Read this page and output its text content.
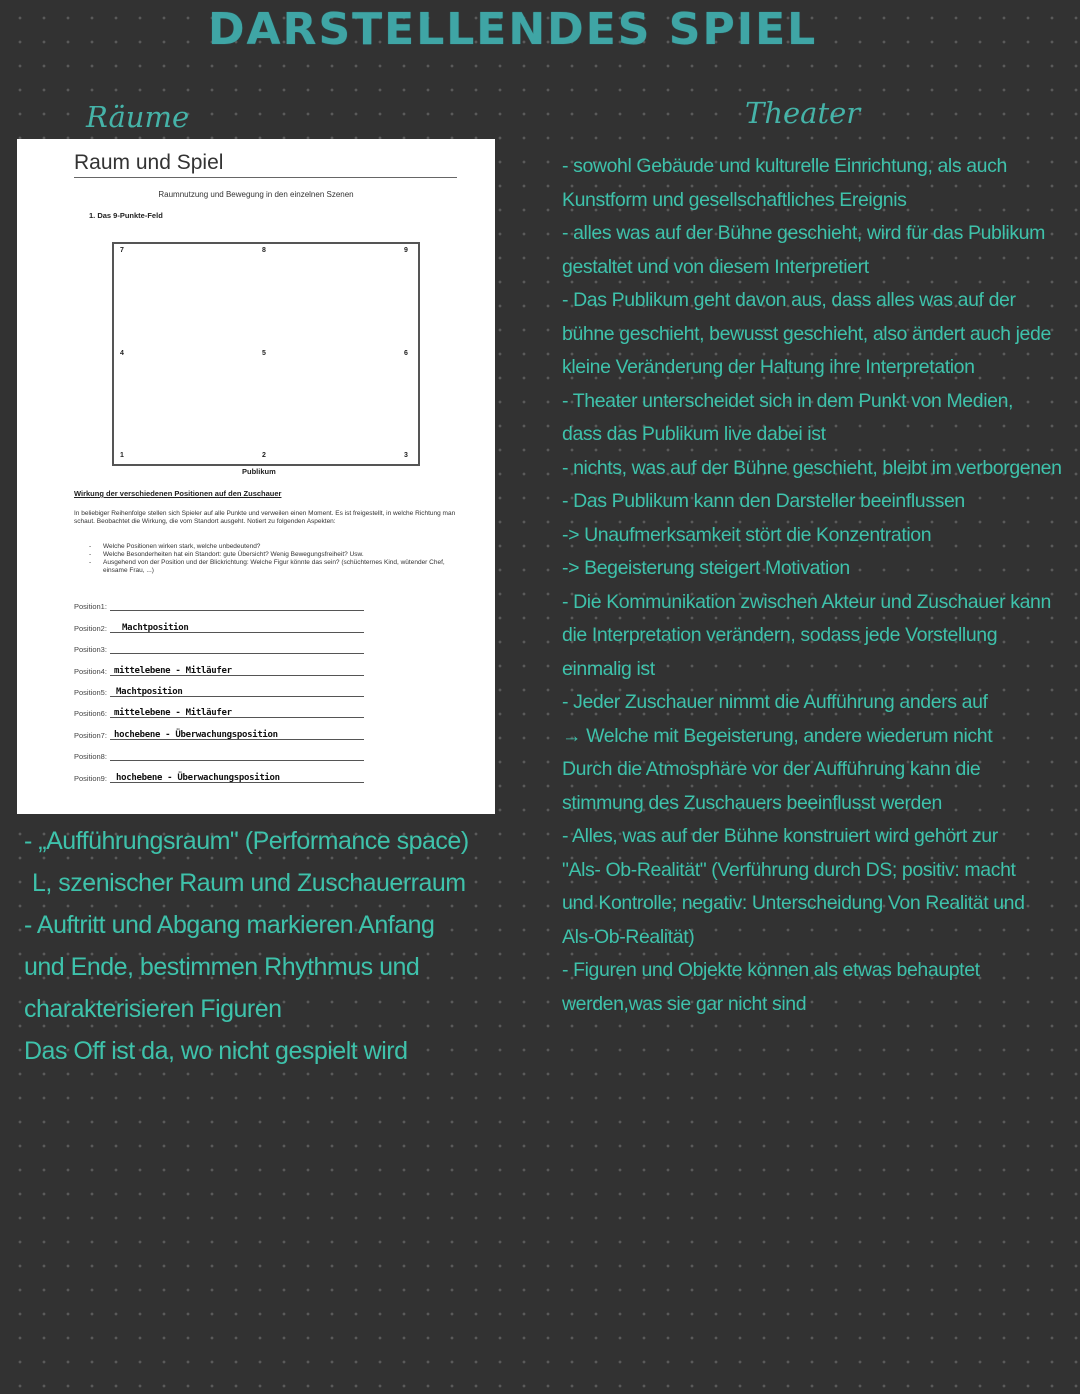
DARSTELLENDES SPIEL
Räume	Theater
Raum und Spiel
Raumnutzung und Bewegung in den einzelnen Szenen
1. Das 9-Punkte-Feld
7	8	9
4	5	6
1	2	3
Publikum
Wirkung der verschiedenen Positionen auf den Zuschauer
In beliebiger Reihenfolge stellen sich Spieler auf alle Punkte und verweilen einen Moment. Es ist freigestellt, in welche Richtung man schaut. Beobachtet die Wirkung, die vom Standort ausgeht. Notiert zu folgenden Aspekten:
- Welche Positionen wirken stark, welche unbedeutend?
- Welche Besonderheiten hat ein Standort: gute Übersicht? Wenig Bewegungsfreiheit? Usw.
- Ausgehend von der Position und der Blickrichtung: Welche Figur könnte das sein? (schüchternes Kind, wütender Chef, einsame Frau, ...)
Position1:
Position2: Machtposition
Position3:
Position4: mittelebene - Mitläufer
Position5: Machtposition
Position6: mittelebene - Mitläufer
Position7: hochebene - Überwachungsposition
Position8:
Position9: hochebene - Überwachungsposition
- „Aufführungsraum" (Performance space)
L, szenischer Raum und Zuschauerraum
- Auftritt und Abgang markieren Anfang
und Ende, bestimmen Rhythmus und
charakterisieren Figuren
Das Off ist da, wo nicht gespielt wird
- sowohl Gebäude und kulturelle Einrichtung, als auch
Kunstform und gesellschaftliches Ereignis
- alles was auf der Bühne geschieht, wird für das Publikum
gestaltet und von diesem Interpretiert
- Das Publikum geht davon aus, dass alles was auf der
bühne geschieht, bewusst geschieht, also ändert auch jede
kleine Veränderung der Haltung ihre Interpretation
- Theater unterscheidet sich in dem Punkt von Medien,
dass das Publikum live dabei ist
- nichts, was auf der Bühne geschieht, bleibt im verborgenen
- Das Publikum kann den Darsteller beeinflussen
-> Unaufmerksamkeit stört die Konzentration
-> Begeisterung steigert Motivation
- Die Kommunikation zwischen Akteur und Zuschauer kann
die Interpretation verändern, sodass jede Vorstellung
einmalig ist
- Jeder Zuschauer nimmt die Aufführung anders auf
→ Welche mit Begeisterung, andere wiederum nicht
Durch die Atmosphäre vor der Aufführung kann die
stimmung des Zuschauers beeinflusst werden
- Alles, was auf der Bühne konstruiert wird gehört zur
"Als- Ob-Realität" (Verführung durch DS; positiv: macht
und Kontrolle; negativ: Unterscheidung Von Realität und
Als-Ob-Realität)
- Figuren und Objekte können als etwas behauptet
werden,was sie gar nicht sind
